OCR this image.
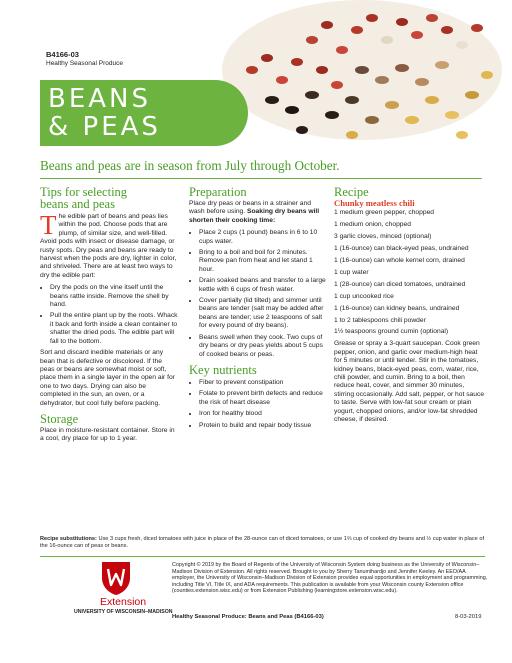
B4166-03
Healthy Seasonal Produce
BEANS
& PEAS
Beans and peas are in season from July through October.
Tips for selecting
beans and peas
The edible part of beans and peas lies within the pod. Choose pods that are plump, of similar size, and well-filled. Avoid pods with insect or disease damage, or rusty spots. Dry peas and beans are ready to harvest when the pods are dry, lighter in color, and shriveled. There are at least two ways to dry the edible part:
• Dry the pods on the vine itself until the beans rattle inside. Remove the shell by hand.
• Pull the entire plant up by the roots. Whack it back and forth inside a clean container to shatter the dried pods. The edible part will fall to the bottom.
Sort and discard inedible materials or any bean that is defective or discolored. If the peas or beans are somewhat moist or soft, place them in a single layer in the open air for one to two days. Drying can also be completed in the sun, an oven, or a dehydrator, but cool fully before packing.
Storage
Place in moisture-resistant container. Store in a cool, dry place for up to 1 year.
Preparation
Place dry peas or beans in a strainer and wash before using. Soaking dry beans will shorten their cooking time:
• Place 2 cups (1 pound) beans in 6 to 10 cups water.
• Bring to a boil and boil for 2 minutes. Remove pan from heat and let stand 1 hour.
• Drain soaked beans and transfer to a large kettle with 6 cups of fresh water.
• Cover partially (lid tilted) and simmer until beans are tender (salt may be added after beans are tender; use 2 teaspoons of salt for every pound of dry beans).
• Beans swell when they cook. Two cups of dry beans or dry peas yields about 5 cups of cooked beans or peas.
Key nutrients
• Fiber to prevent constipation
• Folate to prevent birth defects and reduce the risk of heart disease
• Iron for healthy blood
• Protein to build and repair body tissue
Recipe
Chunky meatless chili

1 medium green pepper, chopped

1 medium onion, chopped

3 garlic cloves, minced (optional)

1 (16-ounce) can black-eyed peas, undrained

1 (16-ounce) can whole kernel corn, drained

1 cup water

1 (28-ounce) can diced tomatoes, undrained

1 cup uncooked rice

1 (16-ounce) can kidney beans, undrained

1 to 2 tablespoons chili powder

1½ teaspoons ground cumin (optional)

Grease or spray a 3-quart saucepan. Cook green pepper, onion, and garlic over medium-high heat for 5 minutes or until tender. Stir in the tomatoes, kidney beans, black-eyed peas, corn, water, rice, chili powder, and cumin. Bring to a boil, then reduce heat, cover, and simmer 30 minutes, stirring occasionally. Add salt, pepper, or hot sauce to taste. Serve with low-fat sour cream or plain yogurt, chopped onions, and/or low-fat shredded cheese, if desired.

Recipe substitutions: Use 3 cups fresh, diced tomatoes with juice in place of the 28-ounce can of diced tomatoes, or use 1⅔ cup of cooked dry beans and ½ cup water in place of the 16-ounce can of peas or beans.
Extension
UNIVERSITY OF WISCONSIN–MADISON
Copyright © 2019 by the Board of Regents of the University of Wisconsin System doing business as the University of Wisconsin–Madison Division of Extension. All rights reserved. Brought to you by Sherry Tanumihardjo and Jennifer Keeley. An EEO/AA employer, the University of Wisconsin–Madison Division of Extension provides equal opportunities in employment and programming, including Title VI, Title IX, and ADA requirements. This publication is available from your Wisconsin county Extension office (counties.extension.wisc.edu) or from Extension Publishing (learningstore.extension.wisc.edu).
Healthy Seasonal Produce: Beans and Peas (B4166-03)	8-03-2019
